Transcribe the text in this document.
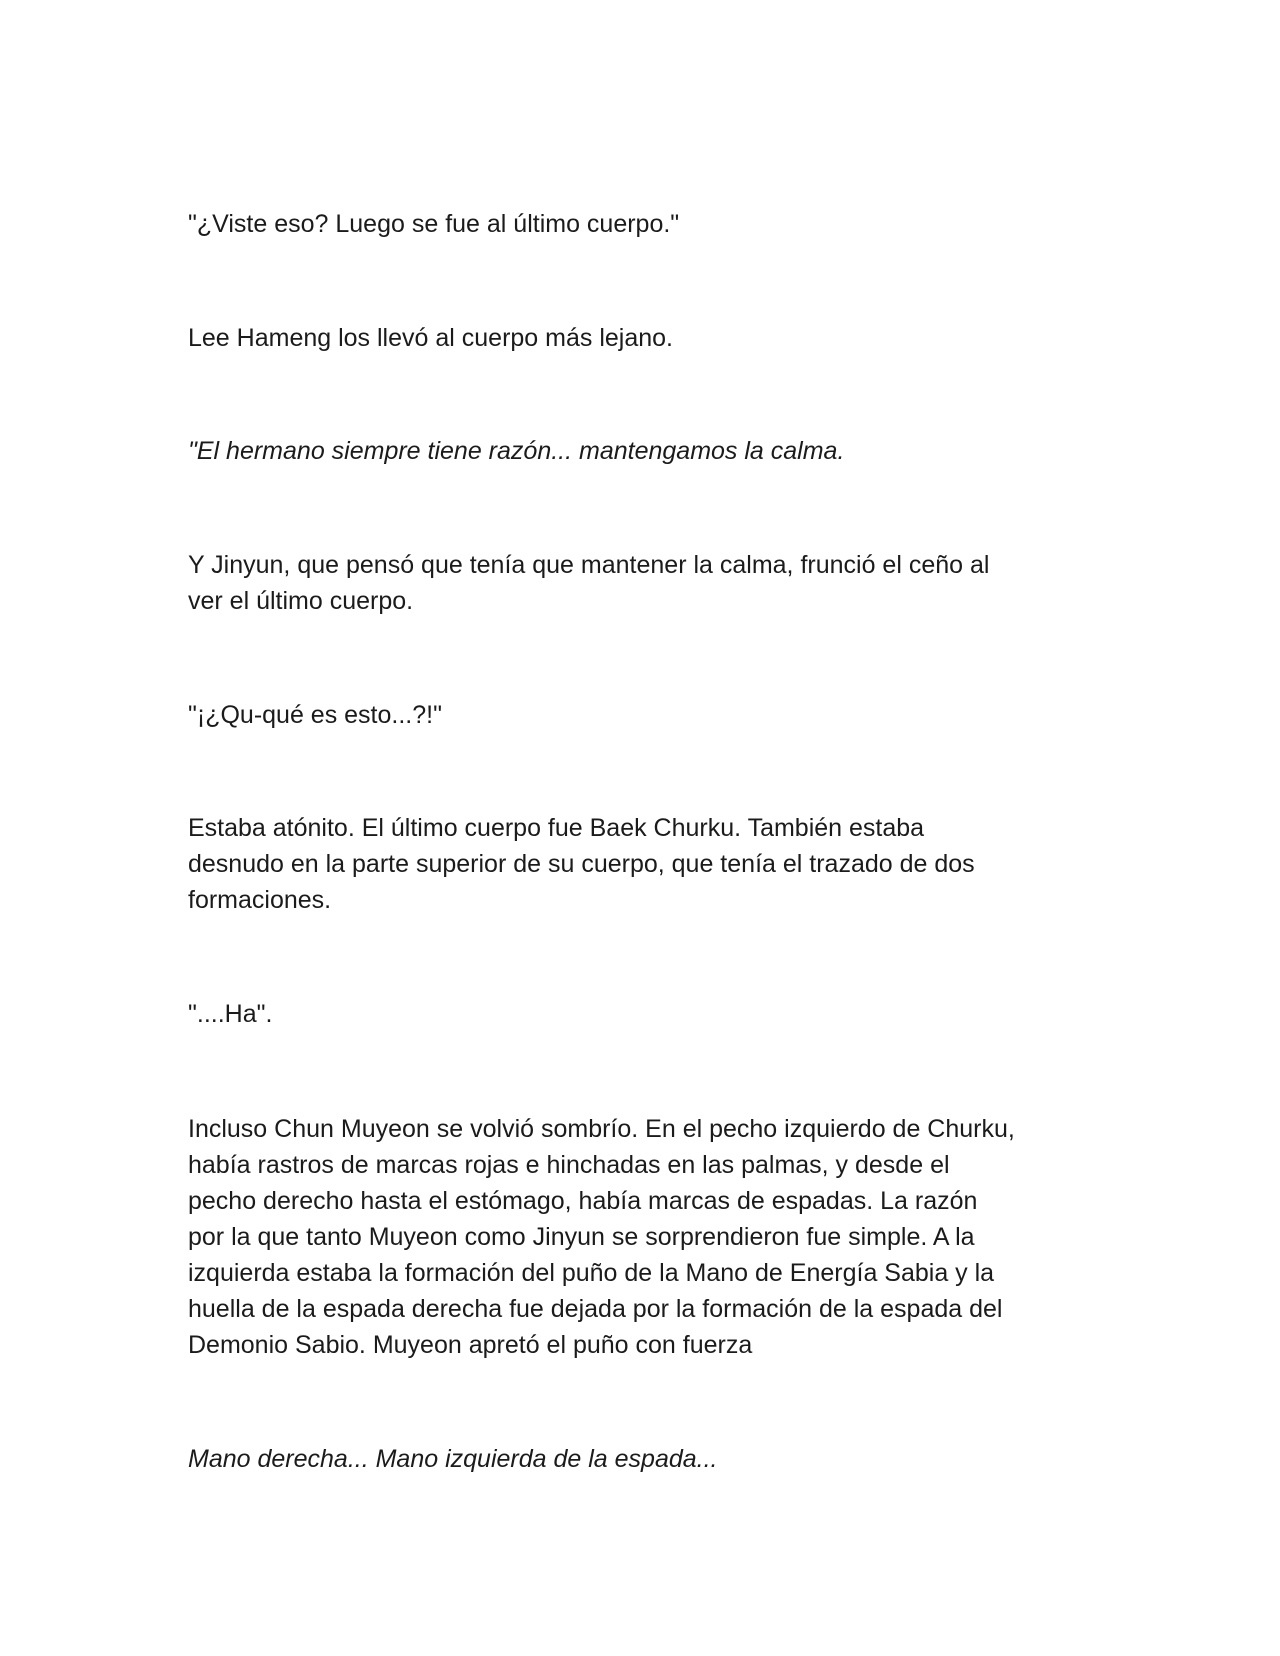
"¿Viste eso? Luego se fue al último cuerpo."

Lee Hameng los llevó al cuerpo más lejano.

"El hermano siempre tiene razón... mantengamos la calma.

Y Jinyun, que pensó que tenía que mantener la calma, frunció el ceño al
ver el último cuerpo.

"¡¿Qu-qué es esto...?!"

Estaba atónito. El último cuerpo fue Baek Churku. También estaba
desnudo en la parte superior de su cuerpo, que tenía el trazado de dos
formaciones.

"....Ha".

Incluso Chun Muyeon se volvió sombrío. En el pecho izquierdo de Churku,
había rastros de marcas rojas e hinchadas en las palmas, y desde el
pecho derecho hasta el estómago, había marcas de espadas. La razón
por la que tanto Muyeon como Jinyun se sorprendieron fue simple. A la
izquierda estaba la formación del puño de la Mano de Energía Sabia y la
huella de la espada derecha fue dejada por la formación de la espada del
Demonio Sabio. Muyeon apretó el puño con fuerza

Mano derecha... Mano izquierda de la espada...
